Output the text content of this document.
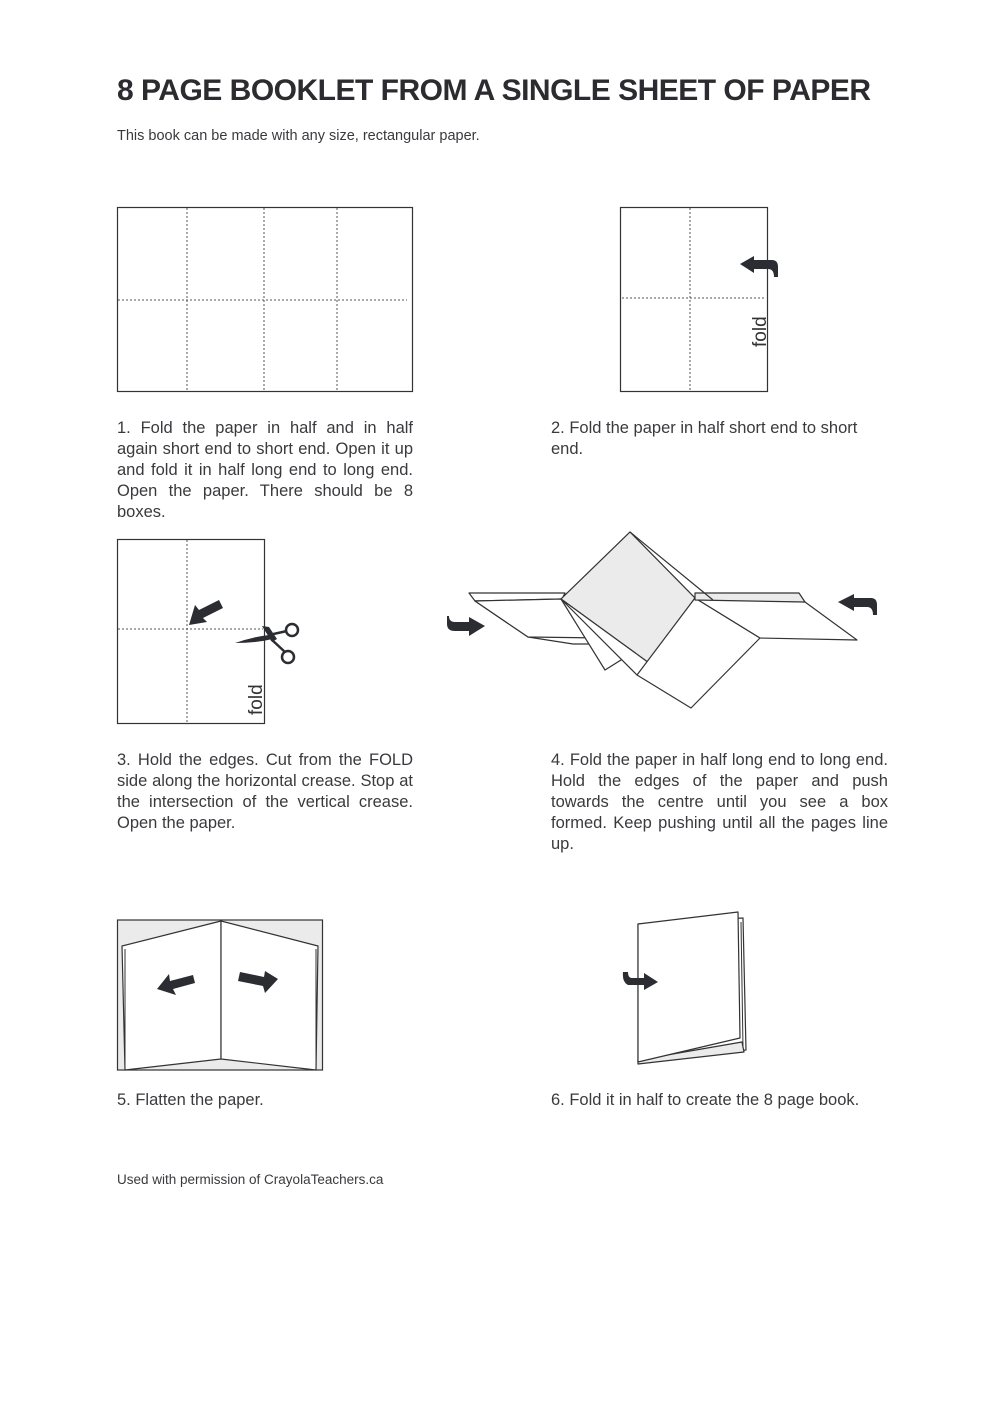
8 PAGE BOOKLET FROM A SINGLE SHEET OF PAPER
This book can be made with any size, rectangular paper.
fold
fold
1. Fold the paper in half and in half again short end to short end. Open it up and fold it in half long end to long end. Open the paper. There should be 8 boxes.
2. Fold the paper in half short end to short end.
3. Hold the edges. Cut from the FOLD side along the horizontal crease. Stop at the intersection of the vertical crease. Open the paper.
4. Fold the paper in half long end to long end. Hold the edges of the paper and push towards the centre until you see a box formed. Keep pushing until all the pages line up.
5. Flatten the paper.	6. Fold it in half to create the 8 page book.
Used with permission of CrayolaTeachers.ca
